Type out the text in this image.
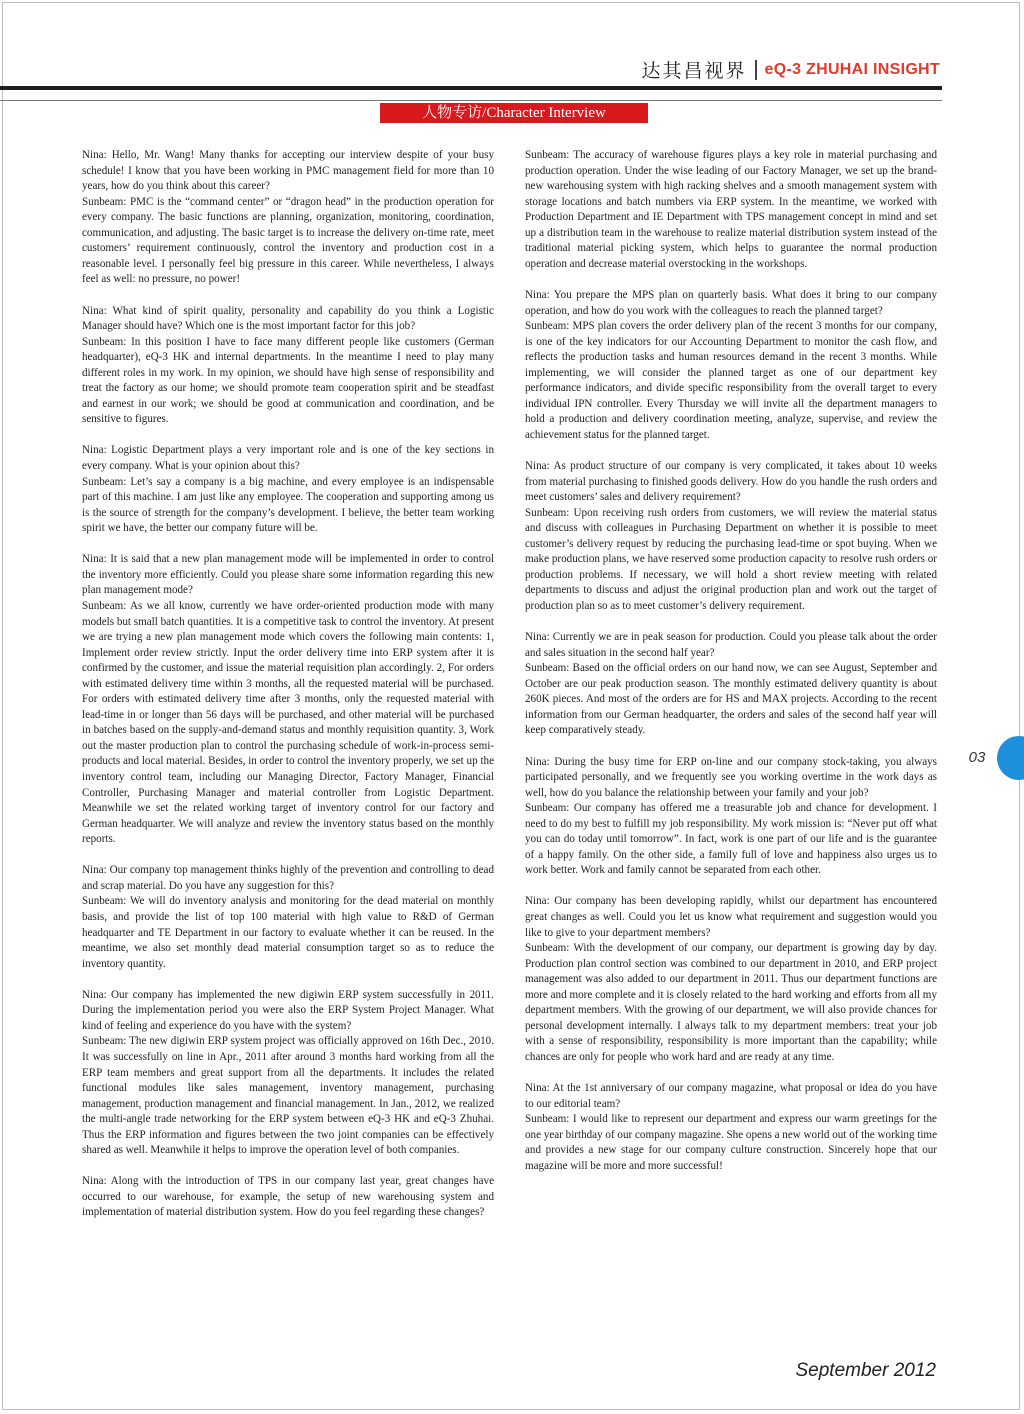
达其昌视界 eQ-3 ZHUHAI INSIGHT
人物专访/Character Interview

Nina: Hello, Mr. Wang! Many thanks for accepting our interview despite of your busy schedule! I know that you have been working in PMC management field for more than 10 years, how do you think about this career?
Sunbeam: PMC is the “command center” or “dragon head” in the production operation for every company. The basic functions are planning, organization, monitoring, coordination, communication, and adjusting. The basic target is to increase the delivery on-time rate, meet customers’ requirement continuously, control the inventory and production cost in a reasonable level. I personally feel big pressure in this career. While nevertheless, I always feel as well: no pressure, no power!

Nina: What kind of spirit quality, personality and capability do you think a Logistic Manager should have? Which one is the most important factor for this job?
Sunbeam: In this position I have to face many different people like customers (German headquarter), eQ-3 HK and internal departments. In the meantime I need to play many different roles in my work. In my opinion, we should have high sense of responsibility and treat the factory as our home; we should promote team cooperation spirit and be steadfast and earnest in our work; we should be good at communication and coordination, and be sensitive to figures.

Nina: Logistic Department plays a very important role and is one of the key sections in every company. What is your opinion about this?
Sunbeam: Let’s say a company is a big machine, and every employee is an indispensable part of this machine. I am just like any employee. The cooperation and supporting among us is the source of strength for the company’s development. I believe, the better team working spirit we have, the better our company future will be.

Nina: It is said that a new plan management mode will be implemented in order to control the inventory more efficiently. Could you please share some information regarding this new plan management mode?
Sunbeam: As we all know, currently we have order-oriented production mode with many models but small batch quantities. It is a competitive task to control the inventory. At present we are trying a new plan management mode which covers the following main contents: 1, Implement order review strictly. Input the order delivery time into ERP system after it is confirmed by the customer, and issue the material requisition plan accordingly. 2, For orders with estimated delivery time within 3 months, all the requested material will be purchased. For orders with estimated delivery time after 3 months, only the requested material with lead-time in or longer than 56 days will be purchased, and other material will be purchased in batches based on the supply-and-demand status and monthly requisition quantity. 3, Work out the master production plan to control the purchasing schedule of work-in-process semi-products and local material. Besides, in order to control the inventory properly, we set up the inventory control team, including our Managing Director, Factory Manager, Financial Controller, Purchasing Manager and material controller from Logistic Department. Meanwhile we set the related working target of inventory control for our factory and German headquarter. We will analyze and review the inventory status based on the monthly reports.

Nina: Our company top management thinks highly of the prevention and controlling to dead and scrap material. Do you have any suggestion for this?
Sunbeam: We will do inventory analysis and monitoring for the dead material on monthly basis, and provide the list of top 100 material with high value to R&D of German headquarter and TE Department in our factory to evaluate whether it can be reused. In the meantime, we also set monthly dead material consumption target so as to reduce the inventory quantity.

Nina: Our company has implemented the new digiwin ERP system successfully in 2011. During the implementation period you were also the ERP System Project Manager. What kind of feeling and experience do you have with the system?
Sunbeam: The new digiwin ERP system project was officially approved on 16th Dec., 2010. It was successfully on line in Apr., 2011 after around 3 months hard working from all the ERP team members and great support from all the departments. It includes the related functional modules like sales management, inventory management, purchasing management, production management and financial management. In Jan., 2012, we realized the multi-angle trade networking for the ERP system between eQ-3 HK and eQ-3 Zhuhai. Thus the ERP information and figures between the two joint companies can be effectively shared as well. Meanwhile it helps to improve the operation level of both companies.

Nina: Along with the introduction of TPS in our company last year, great changes have occurred to our warehouse, for example, the setup of new warehousing system and implementation of material distribution system. How do you feel regarding these changes?

Sunbeam: The accuracy of warehouse figures plays a key role in material purchasing and production operation. Under the wise leading of our Factory Manager, we set up the brand-new warehousing system with high racking shelves and a smooth management system with storage locations and batch numbers via ERP system. In the meantime, we worked with Production Department and IE Department with TPS management concept in mind and set up a distribution team in the warehouse to realize material distribution system instead of the traditional material picking system, which helps to guarantee the normal production operation and decrease material overstocking in the workshops.

Nina: You prepare the MPS plan on quarterly basis. What does it bring to our company operation, and how do you work with the colleagues to reach the planned target?
Sunbeam: MPS plan covers the order delivery plan of the recent 3 months for our company, is one of the key indicators for our Accounting Department to monitor the cash flow, and reflects the production tasks and human resources demand in the recent 3 months. While implementing, we will consider the planned target as one of our department key performance indicators, and divide specific responsibility from the overall target to every individual IPN controller. Every Thursday we will invite all the department managers to hold a production and delivery coordination meeting, analyze, supervise, and review the achievement status for the planned target.

Nina: As product structure of our company is very complicated, it takes about 10 weeks from material purchasing to finished goods delivery. How do you handle the rush orders and meet customers’ sales and delivery requirement?
Sunbeam: Upon receiving rush orders from customers, we will review the material status and discuss with colleagues in Purchasing Department on whether it is possible to meet customer’s delivery request by reducing the purchasing lead-time or spot buying. When we make production plans, we have reserved some production capacity to resolve rush orders or production problems. If necessary, we will hold a short review meeting with related departments to discuss and adjust the original production plan and work out the target of production plan so as to meet customer’s delivery requirement.

Nina: Currently we are in peak season for production. Could you please talk about the order and sales situation in the second half year?
Sunbeam: Based on the official orders on our hand now, we can see August, September and October are our peak production season. The monthly estimated delivery quantity is about 260K pieces. And most of the orders are for HS and MAX projects. According to the recent information from our German headquarter, the orders and sales of the second half year will keep comparatively steady.

Nina: During the busy time for ERP on-line and our company stock-taking, you always participated personally, and we frequently see you working overtime in the work days as well, how do you balance the relationship between your family and your job?
Sunbeam: Our company has offered me a treasurable job and chance for development. I need to do my best to fulfill my job responsibility. My work mission is: “Never put off what you can do today until tomorrow”. In fact, work is one part of our life and is the guarantee of a happy family. On the other side, a family full of love and happiness also urges us to work better. Work and family cannot be separated from each other.

Nina: Our company has been developing rapidly, whilst our department has encountered great changes as well. Could you let us know what requirement and suggestion would you like to give to your department members?
Sunbeam: With the development of our company, our department is growing day by day. Production plan control section was combined to our department in 2010, and ERP project management was also added to our department in 2011. Thus our department functions are more and more complete and it is closely related to the hard working and efforts from all my department members. With the growing of our department, we will also provide chances for personal development internally. I always talk to my department members: treat your job with a sense of responsibility, responsibility is more important than the capability; while chances are only for people who work hard and are ready at any time.

Nina: At the 1st anniversary of our company magazine, what proposal or idea do you have to our editorial team?
Sunbeam: I would like to represent our department and express our warm greetings for the one year birthday of our company magazine. She opens a new world out of the working time and provides a new stage for our company culture construction. Sincerely hope that our magazine will be more and more successful!

03
September 2012
